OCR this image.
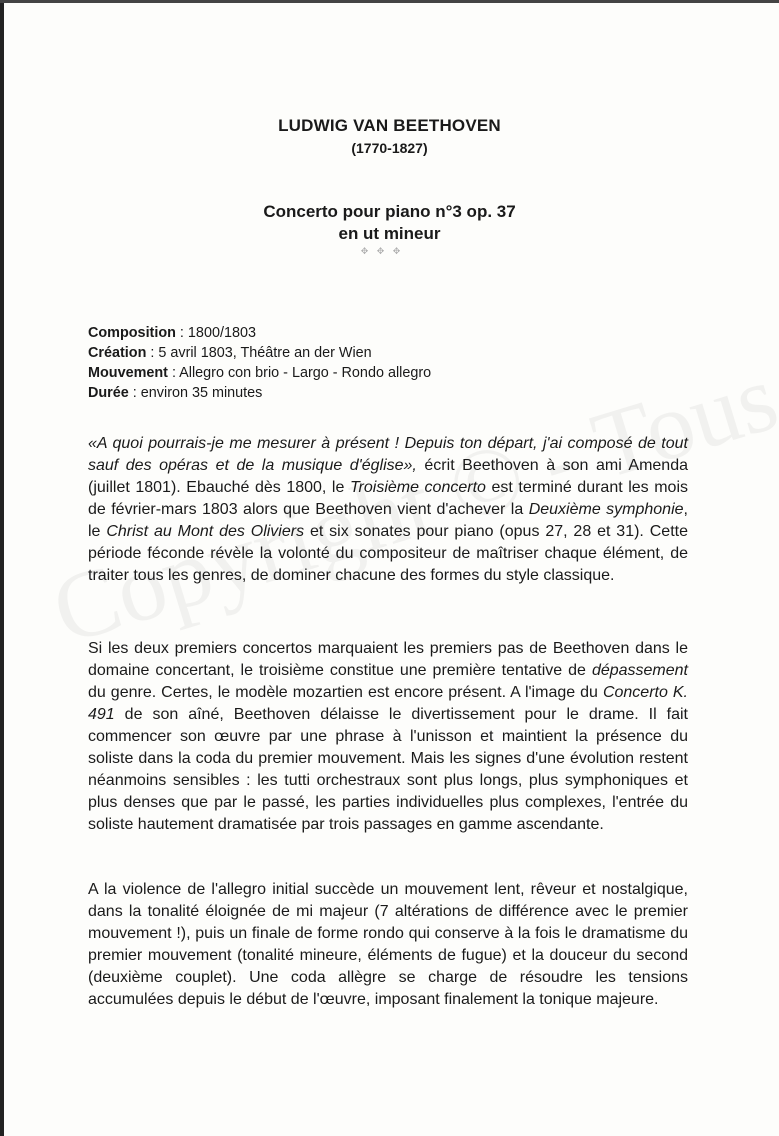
LUDWIG VAN BEETHOVEN
(1770-1827)
Concerto pour piano n°3 op. 37
en ut mineur
✥ ✥ ✥
Composition : 1800/1803
Création : 5 avril 1803, Théâtre an der Wien
Mouvement : Allegro con brio - Largo - Rondo allegro
Durée : environ 35 minutes

«A quoi pourrais-je me mesurer à présent ! Depuis ton départ, j'ai composé de tout sauf des opéras et de la musique d'église», écrit Beethoven à son ami Amenda (juillet 1801). Ebauché dès 1800, le Troisième concerto est terminé durant les mois de février-mars 1803 alors que Beethoven vient d'achever la Deuxième symphonie, le Christ au Mont des Oliviers et six sonates pour piano (opus 27, 28 et 31). Cette période féconde révèle la volonté du compositeur de maîtriser chaque élément, de traiter tous les genres, de dominer chacune des formes du style classique.

Si les deux premiers concertos marquaient les premiers pas de Beethoven dans le domaine concertant, le troisième constitue une première tentative de dépassement du genre. Certes, le modèle mozartien est encore présent. A l'image du Concerto K. 491 de son aîné, Beethoven délaisse le divertissement pour le drame. Il fait commencer son œuvre par une phrase à l'unisson et maintient la présence du soliste dans la coda du premier mouvement. Mais les signes d'une évolution restent néanmoins sensibles : les tutti orchestraux sont plus longs, plus symphoniques et plus denses que par le passé, les parties individuelles plus complexes, l'entrée du soliste hautement dramatisée par trois passages en gamme ascendante.

A la violence de l'allegro initial succède un mouvement lent, rêveur et nostalgique, dans la tonalité éloignée de mi majeur (7 altérations de différence avec le premier mouvement !), puis un finale de forme rondo qui conserve à la fois le dramatisme du premier mouvement (tonalité mineure, éléments de fugue) et la douceur du second (deuxième couplet). Une coda allègre se charge de résoudre les tensions accumulées depuis le début de l'œuvre, imposant finalement la tonique majeure.
